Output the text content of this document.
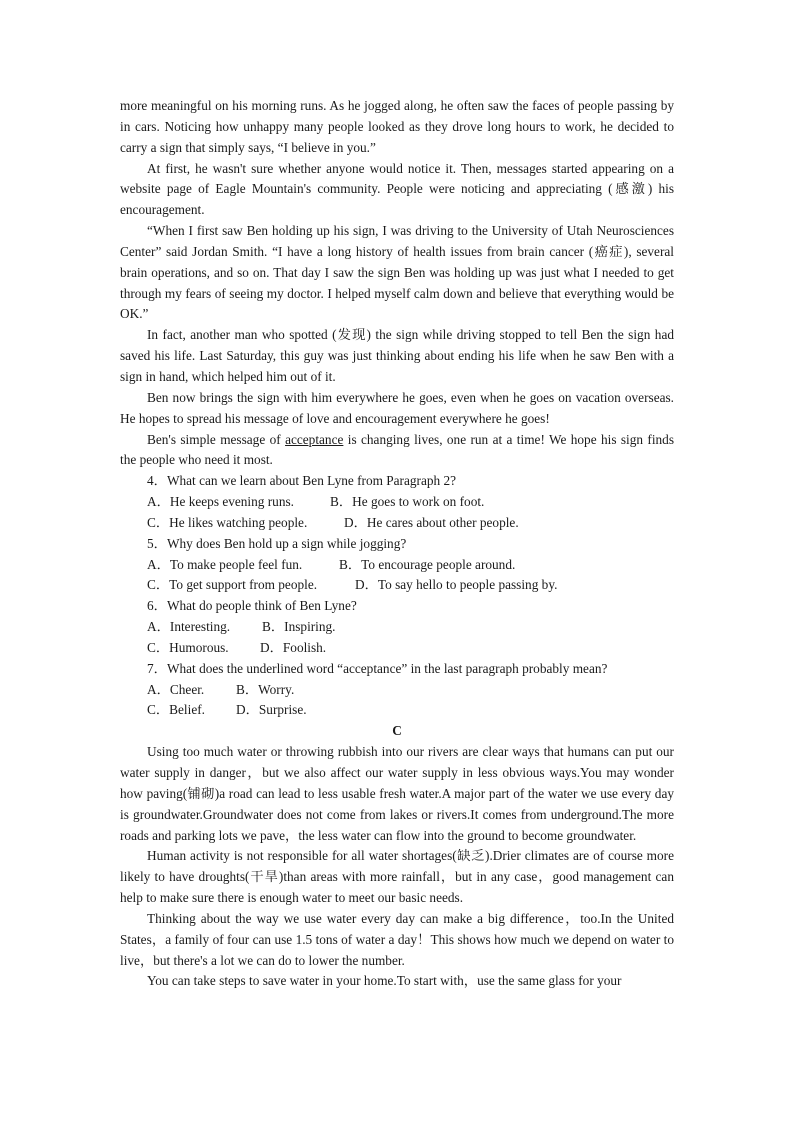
more meaningful on his morning runs. As he jogged along, he often saw the faces of people passing by in cars. Noticing how unhappy many people looked as they drove long hours to work, he decided to carry a sign that simply says, “I believe in you.”

At first, he wasn't sure whether anyone would notice it. Then, messages started appearing on a website page of Eagle Mountain's community. People were noticing and appreciating (感激) his encouragement.

“When I first saw Ben holding up his sign, I was driving to the University of Utah Neurosciences Center” said Jordan Smith. “I have a long history of health issues from brain cancer (癌症), several brain operations, and so on. That day I saw the sign Ben was holding up was just what I needed to get through my fears of seeing my doctor. I helped myself calm down and believe that everything would be OK.”

In fact, another man who spotted (发现) the sign while driving stopped to tell Ben the sign had saved his life. Last Saturday, this guy was just thinking about ending his life when he saw Ben with a sign in hand, which helped him out of it.

Ben now brings the sign with him everywhere he goes, even when he goes on vacation overseas. He hopes to spread his message of love and encouragement everywhere he goes!

Ben's simple message of acceptance is changing lives, one run at a time! We hope his sign finds the people who need it most.

4．What can we learn about Ben Lyne from Paragraph 2?

A．He keeps evening runs.	B．He goes to work on foot.

C．He likes watching people.	D．He cares about other people.

5．Why does Ben hold up a sign while jogging?

A．To make people feel fun.	B．To encourage people around.

C．To get support from people.	D．To say hello to people passing by.

6．What do people think of Ben Lyne?

A．Interesting. B．Inspiring.

C．Humorous. D．Foolish.

7．What does the underlined word “acceptance” in the last paragraph probably mean?

A．Cheer. B．Worry.

C．Belief. D．Surprise.

C

Using too much water or throwing rubbish into our rivers are clear ways that humans can put our water supply in danger，but we also affect our water supply in less obvious ways.You may wonder how paving(铺砌)a road can lead to less usable fresh water.A major part of the water we use every day is groundwater.Groundwater does not come from lakes or rivers.It comes from underground.The more roads and parking lots we pave，the less water can flow into the ground to become groundwater.

Human activity is not responsible for all water shortages(缺乏).Drier climates are of course more likely to have droughts(干旱)than areas with more rainfall，but in any case，good management can help to make sure there is enough water to meet our basic needs.

Thinking about the way we use water every day can make a big difference，too.In the United States，a family of four can use 1.5 tons of water a day！This shows how much we depend on water to live，but there's a lot we can do to lower the number.

You can take steps to save water in your home.To start with，use the same glass for your
